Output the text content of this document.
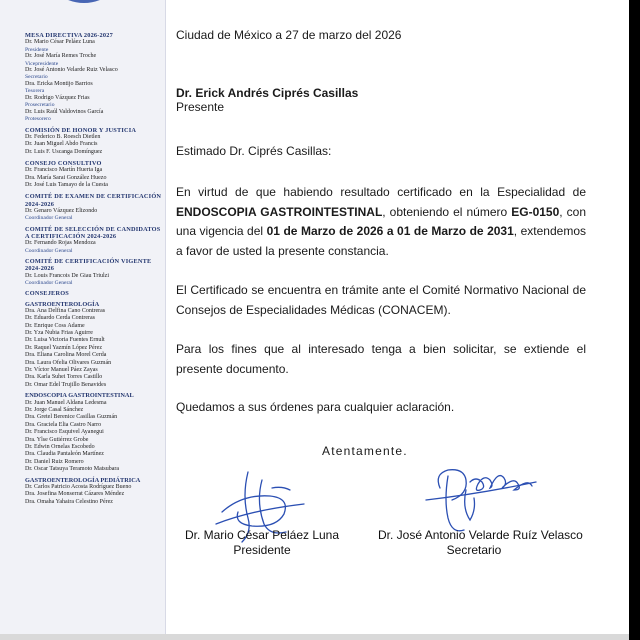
MESA DIRECTIVA 2026-2027
Dr. Mario César Peláez Luna
Presidente
Dr. José María Remes Troche
Vicepresidente
Dr. José Antonio Velarde Ruiz Velasco
Secretario
Dra. Ericka Montijo Barrios
Tesorera
Dr. Rodrigo Vázquez Frias
Prosecretario
Dr. Luis Raúl Valdovinos García
Protesorero
COMISIÓN DE HONOR Y JUSTICIA
Dr. Federico B. Roesch Dietlen
Dr. Juan Miguel Abdo Francis
Dr. Luis F. Uscanga Domínguez
CONSEJO CONSULTIVO
Dr. Francisco Martín Huerta Iga
Dra. María Sarai González Huezo
Dr. José Luis Tamayo de la Cuesta
COMITÉ DE EXAMEN DE CERTIFICACIÓN 2024-2026
Dr. Genaro Vázquez Elizondo
Coordinador General
COMITÉ DE SELECCIÓN DE CANDIDATOS A CERTIFICACIÓN 2024-2026
Dr. Fernando Rojas Mendoza
Coordinador General
COMITÉ DE CERTIFICACIÓN VIGENTE 2024-2026
Dr. Louis Francois De Giau Triulzi
Coordinador General
CONSEJEROS
GASTROENTEROLOGÍA
Dra. Ana Delfina Cano Contreras
Dr. Eduardo Cerda Contreras
Dr. Enrique Coss Adame
Dr. Yza Nubia Frias Aguirre
Dr. Luisa Victoria Fuentes Ernult
Dr. Raquel Yazmín López Pérez
Dra. Eliana Carolina Morel Cerda
Dra. Laura Ofelia Olivares Guzmán
Dr. Víctor Manuel Páez Zayas
Dra. Karla Suhei Torres Castillo
Dr. Omar Edel Trujillo Benavides
ENDOSCOPIA GASTROINTESTINAL
Dr. Juan Manuel Aldana Ledesma
Dr. Jorge Casal Sánchez
Dra. Gretel Berenice Casillas Guzmán
Dra. Graciela Elia Castro Narro
Dr. Francisco Esquivel Ayanegui
Dra. Ylse Gutiérrez Grobe
Dr. Edwin Ornelas Escobedo
Dra. Claudia Pantaleón Martínez
Dr. Daniel Ruiz Romero
Dr. Oscar Tatsuya Teramoto Matsubara
GASTROENTEROLOGÍA PEDIÁTRICA
Dr. Carlos Patricio Acosta Rodríguez Bueno
Dra. Josefina Monserrat Cázares Méndez
Dra. Omaha Yahaira Celestino Pérez
Ciudad de México a 27 de marzo del 2026
Dr. Erick Andrés Ciprés Casillas
Presente
Estimado Dr. Ciprés Casillas:

En virtud de que habiendo resultado certificado en la Especialidad de ENDOSCOPIA GASTROINTESTINAL, obteniendo el número EG-0150, con una vigencia del 01 de Marzo de 2026 a 01 de Marzo de 2031, extendemos a favor de usted la presente constancia.

El Certificado se encuentra en trámite ante el Comité Normativo Nacional de Consejos de Especialidades Médicas (CONACEM).

Para los fines que al interesado tenga a bien solicitar, se extiende el presente documento.

Quedamos a sus órdenes para cualquier aclaración.

Atentamente.
Dr. Mario César Peláez Luna
Presidente
Dr. José Antonio Velarde Ruíz Velasco
Secretario
